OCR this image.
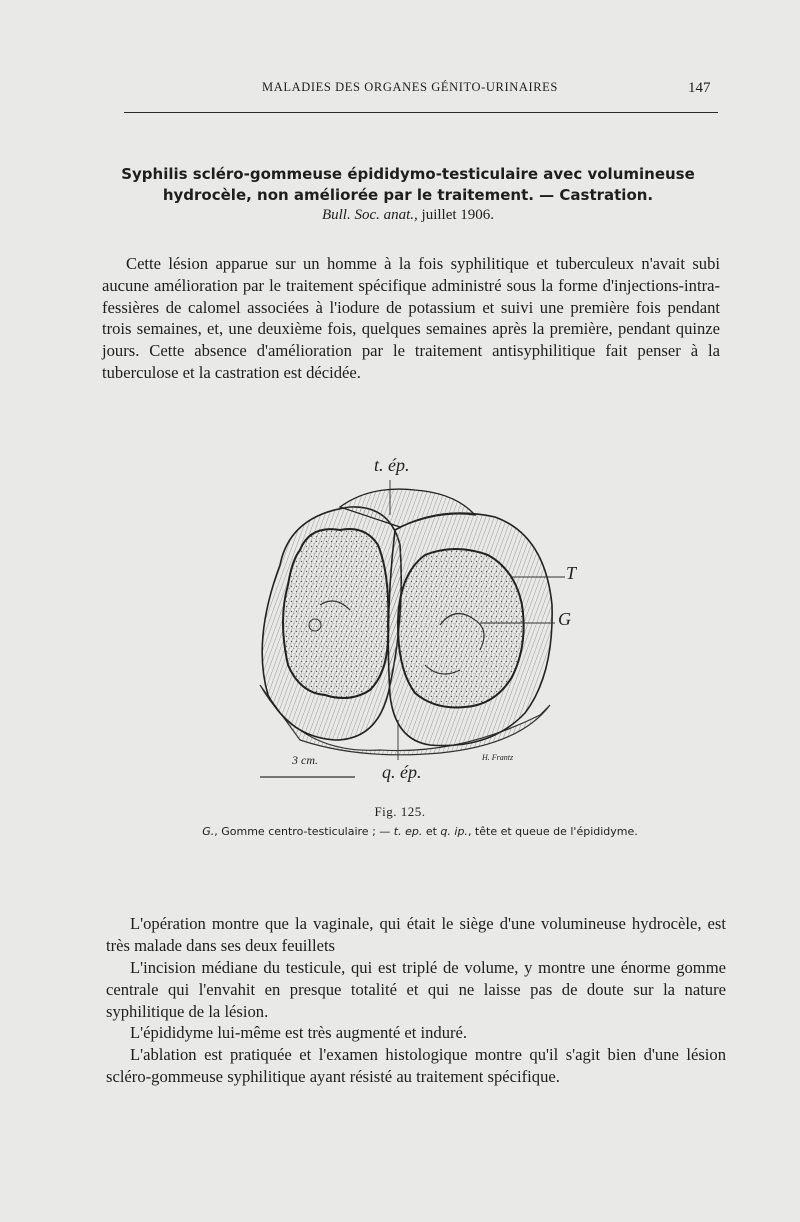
MALADIES DES ORGANES GÉNITO-URINAIRES	147
Syphilis scléro-gommeuse épididymo-testiculaire avec volumineuse
hydrocèle, non améliorée par le traitement. — Castration.
Bull. Soc. anat., juillet 1906.

Cette lésion apparue sur un homme à la fois syphilitique et tuberculeux n'avait subi aucune amélioration par le traitement spécifique administré sous la forme d'injections-intra-fessières de calomel associées à l'iodure de potassium et suivi une première fois pendant trois semaines, et, une deuxième fois, quelques semaines après la première, pendant quinze jours. Cette absence d'amélioration par le traitement antisyphilitique fait penser à la tuberculose et la castration est décidée.

t. ép.
q. ép.
T
G
3 cm.	H. Frantz
Fig. 125.
G., Gomme centro-testiculaire ; — t. ep. et q. ip., tête et queue de l'épididyme.

L'opération montre que la vaginale, qui était le siège d'une volumineuse hydrocèle, est très malade dans ses deux feuillets

L'incision médiane du testicule, qui est triplé de volume, y montre une énorme gomme centrale qui l'envahit en presque totalité et qui ne laisse pas de doute sur la nature syphilitique de la lésion.

L'épididyme lui-même est très augmenté et induré.

L'ablation est pratiquée et l'examen histologique montre qu'il s'agit bien d'une lésion scléro-gommeuse syphilitique ayant résisté au traitement spécifique.
